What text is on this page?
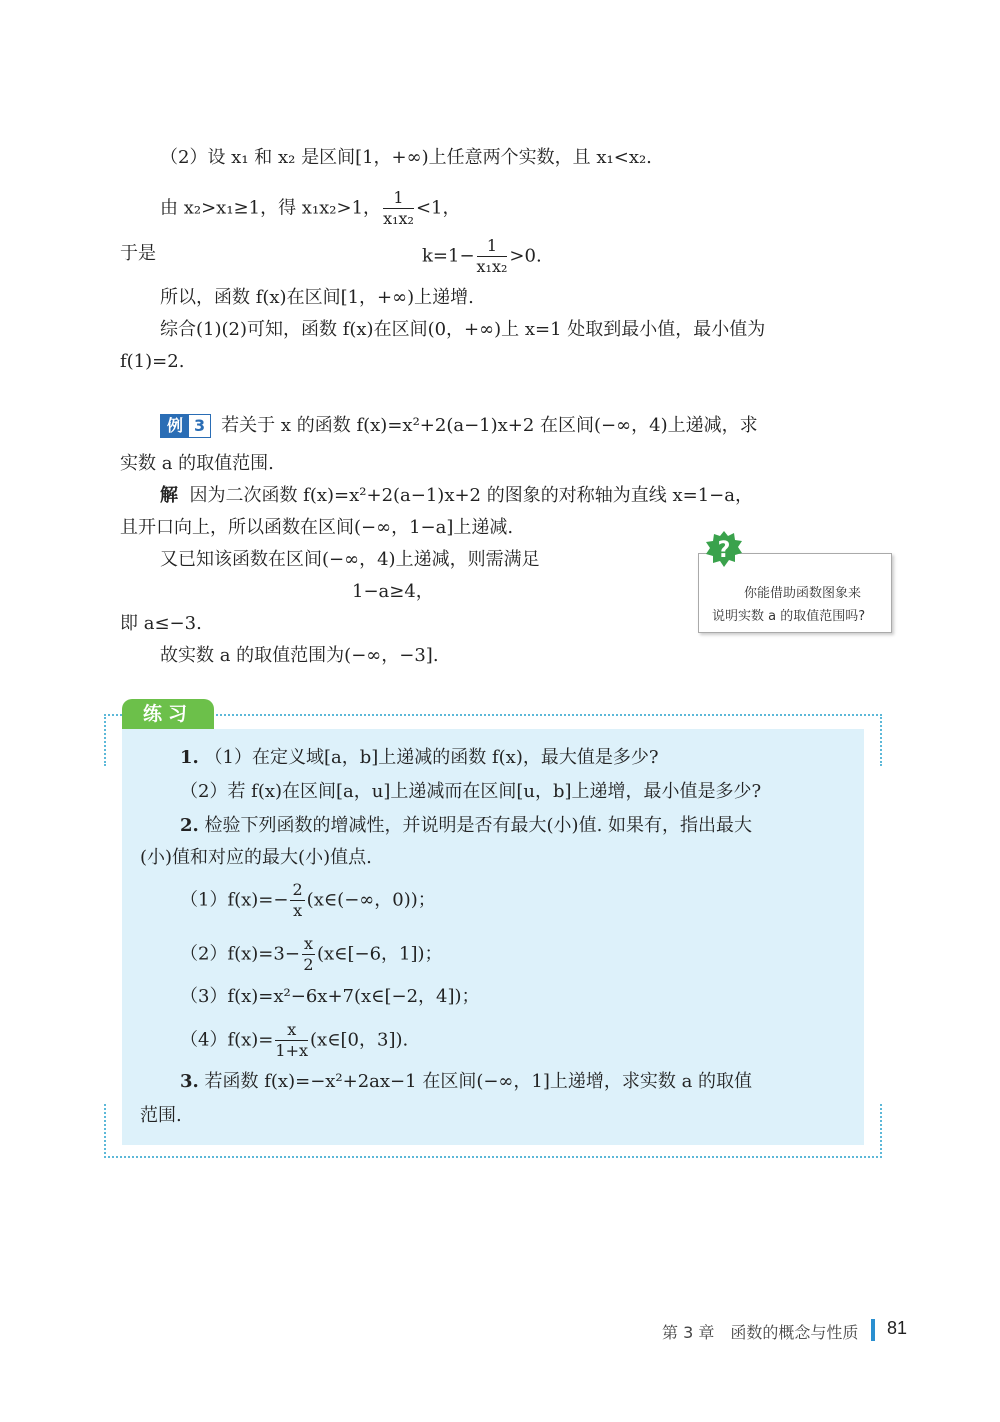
（2）设 x₁ 和 x₂ 是区间[1，+∞)上任意两个实数，且 x₁<x₂.
由 x₂>x₁≥1，得 x₁x₂>1， $\frac{1}{\text{x₁x₂}} <1$，
于是	$k=1- \frac{1}{\text{x₁x₂}} >0$.
所以，函数 f(x)在区间[1，+∞)上递增.
综合(1)(2)可知，函数 f(x)在区间(0，+∞)上 x=1 处取到最小值，最小值为
f(1)=2.
例 3 若关于 x 的函数 f(x)=x²+2(a−1)x+2 在区间(−∞，4)上递减，求
实数 a 的取值范围.
解 因为二次函数 f(x)=x²+2(a−1)x+2 的图象的对称轴为直线 x=1−a，
且开口向上，所以函数在区间(−∞，1−a]上递减.
又已知该函数在区间(−∞，4)上递减，则需满足
1−a≥4，
即 a≤−3.
故实数 a 的取值范围为(−∞，−3].
?
你能借助函数图象来
说明实数 a 的取值范围吗?
练习
1. （1）在定义域[a，b]上递减的函数 f(x)，最大值是多少?
（2）若 f(x)在区间[a，u]上递减而在区间[u，b]上递增，最小值是多少?
2. 检验下列函数的增减性，并说明是否有最大(小)值. 如果有，指出最大
(小)值和对应的最大(小)值点.
$(1)f(x)=- \frac{2}{x}$ (x∈(−∞，0))；
$(2)f(x)=3- \frac{x}{2}$ (x∈[−6，1])；
（3）f(x)=x²−6x+7(x∈[−2，4])；
$(4)f(x)= \frac{x}{1+x}$ (x∈[0，3]).
3. 若函数 f(x)=−x²+2ax−1 在区间(−∞，1]上递增，求实数 a 的取值
范围.
第 3 章　函数的概念与性质 81
